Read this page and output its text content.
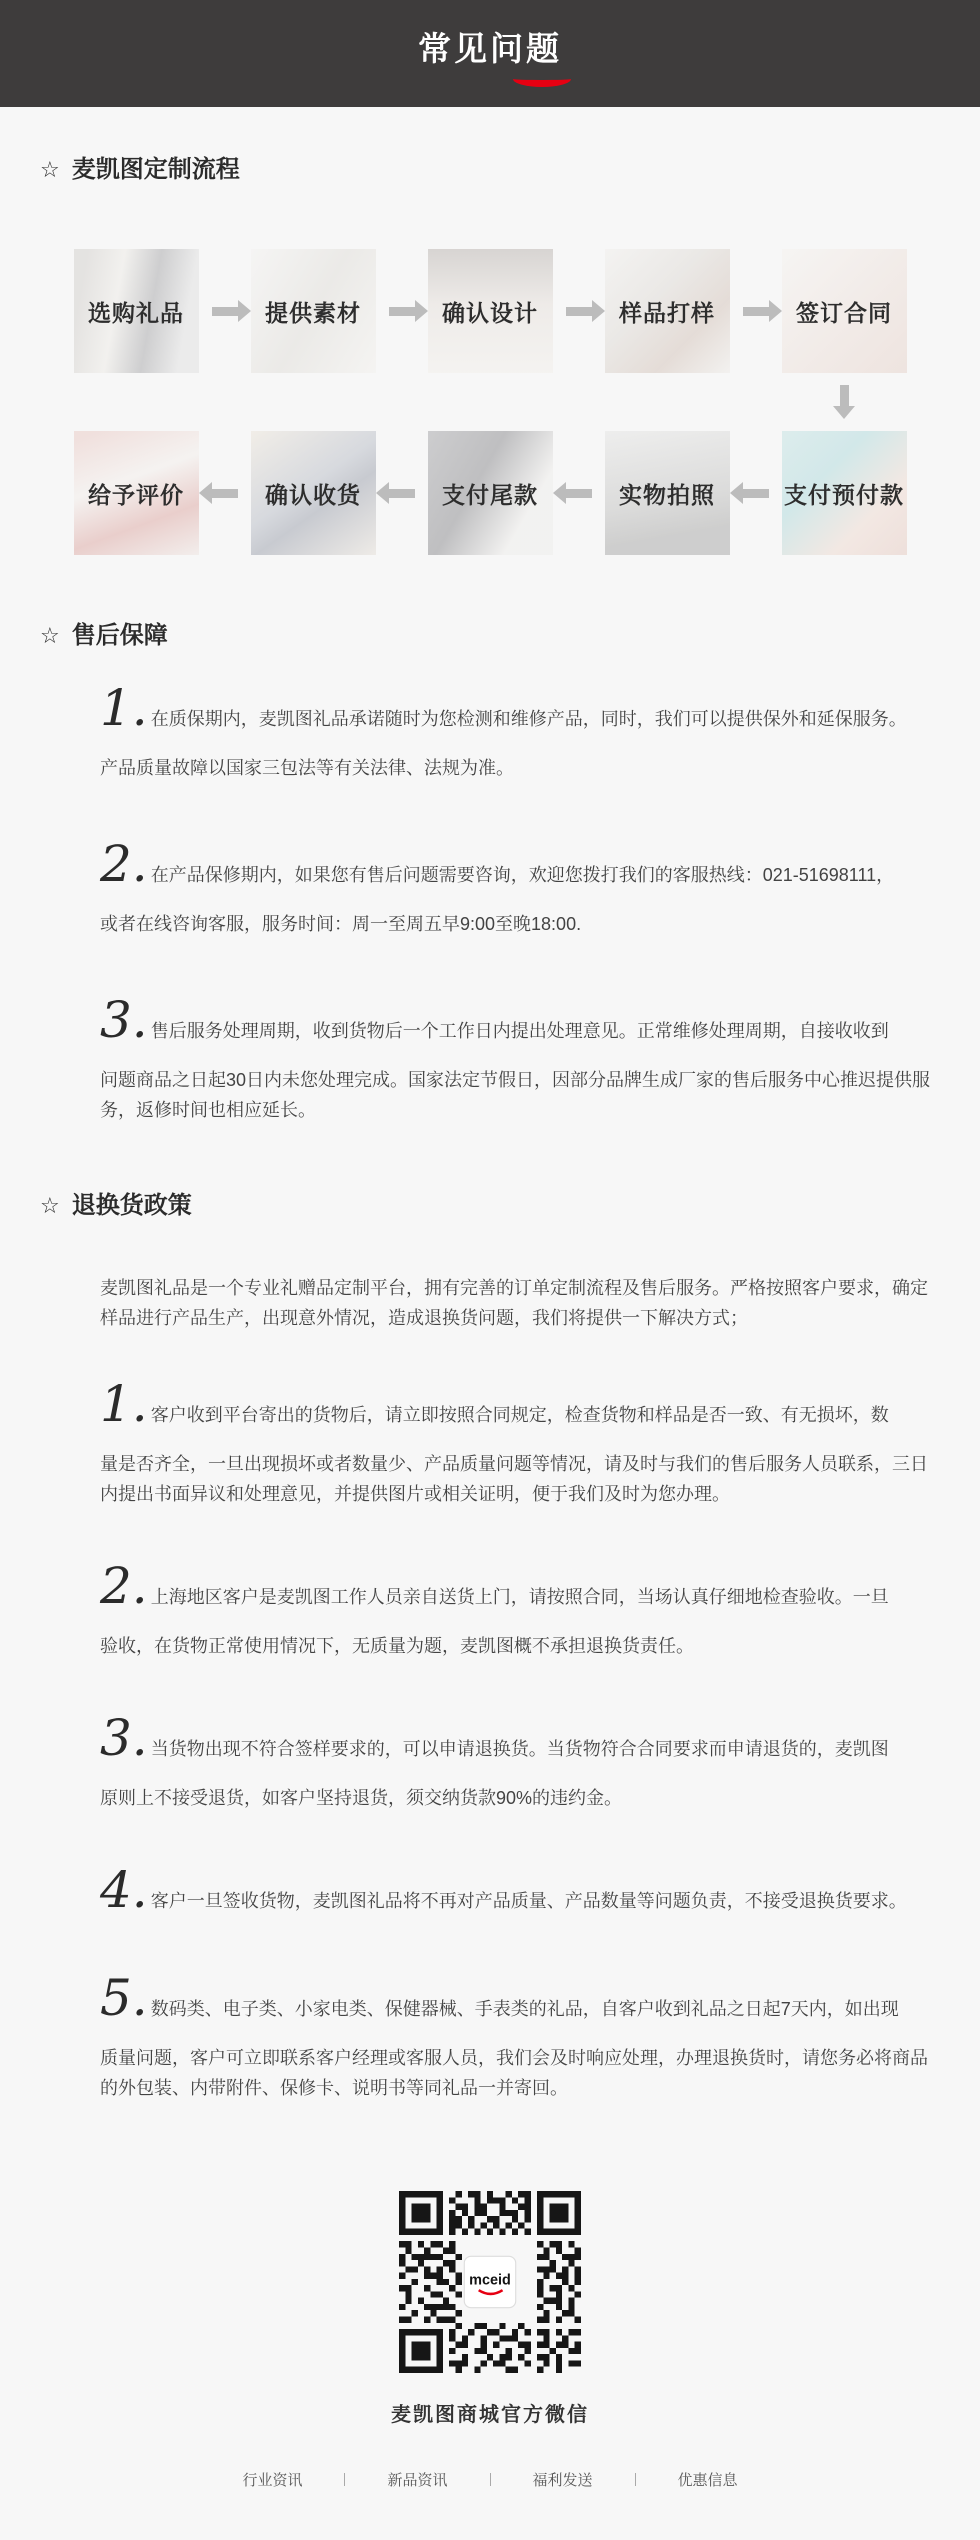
常见问题
☆ 麦凯图定制流程
选购礼品	提供素材	确认设计	样品打样	签订合同
给予评价	确认收货	支付尾款	实物拍照	支付预付款
☆ 售后保障

1. 在质保期内，麦凯图礼品承诺随时为您检测和维修产品，同时，我们可以提供保外和延保服务。

产品质量故障以国家三包法等有关法律、法规为准。

2. 在产品保修期内，如果您有售后问题需要咨询，欢迎您拨打我们的客服热线：021-51698111，

或者在线咨询客服，服务时间：周一至周五早9:00至晚18:00.

3. 售后服务处理周期，收到货物后一个工作日内提出处理意见。正常维修处理周期，自接收收到

问题商品之日起30日内未您处理完成。国家法定节假日，因部分品牌生成厂家的售后服务中心推迟提供服务，返修时间也相应延长。

☆ 退换货政策

麦凯图礼品是一个专业礼赠品定制平台，拥有完善的订单定制流程及售后服务。严格按照客户要求，确定样品进行产品生产，出现意外情况，造成退换货问题，我们将提供一下解决方式；

1. 客户收到平台寄出的货物后，请立即按照合同规定，检查货物和样品是否一致、有无损坏，数

量是否齐全，一旦出现损坏或者数量少、产品质量问题等情况，请及时与我们的售后服务人员联系，三日内提出书面异议和处理意见，并提供图片或相关证明，便于我们及时为您办理。

2. 上海地区客户是麦凯图工作人员亲自送货上门，请按照合同，当场认真仔细地检查验收。一旦

验收，在货物正常使用情况下，无质量为题，麦凯图概不承担退换货责任。

3. 当货物出现不符合签样要求的，可以申请退换货。当货物符合合同要求而申请退货的，麦凯图

原则上不接受退货，如客户坚持退货，须交纳货款90%的违约金。

4. 客户一旦签收货物，麦凯图礼品将不再对产品质量、产品数量等问题负责，不接受退换货要求。

5. 数码类、电子类、小家电类、保健器械、手表类的礼品，自客户收到礼品之日起7天内，如出现

质量问题，客户可立即联系客户经理或客服人员，我们会及时响应处理，办理退换货时，请您务必将商品的外包装、内带附件、保修卡、说明书等同礼品一并寄回。

mceid
麦凯图商城官方微信
行业资讯	新品资讯	福利发送	优惠信息
